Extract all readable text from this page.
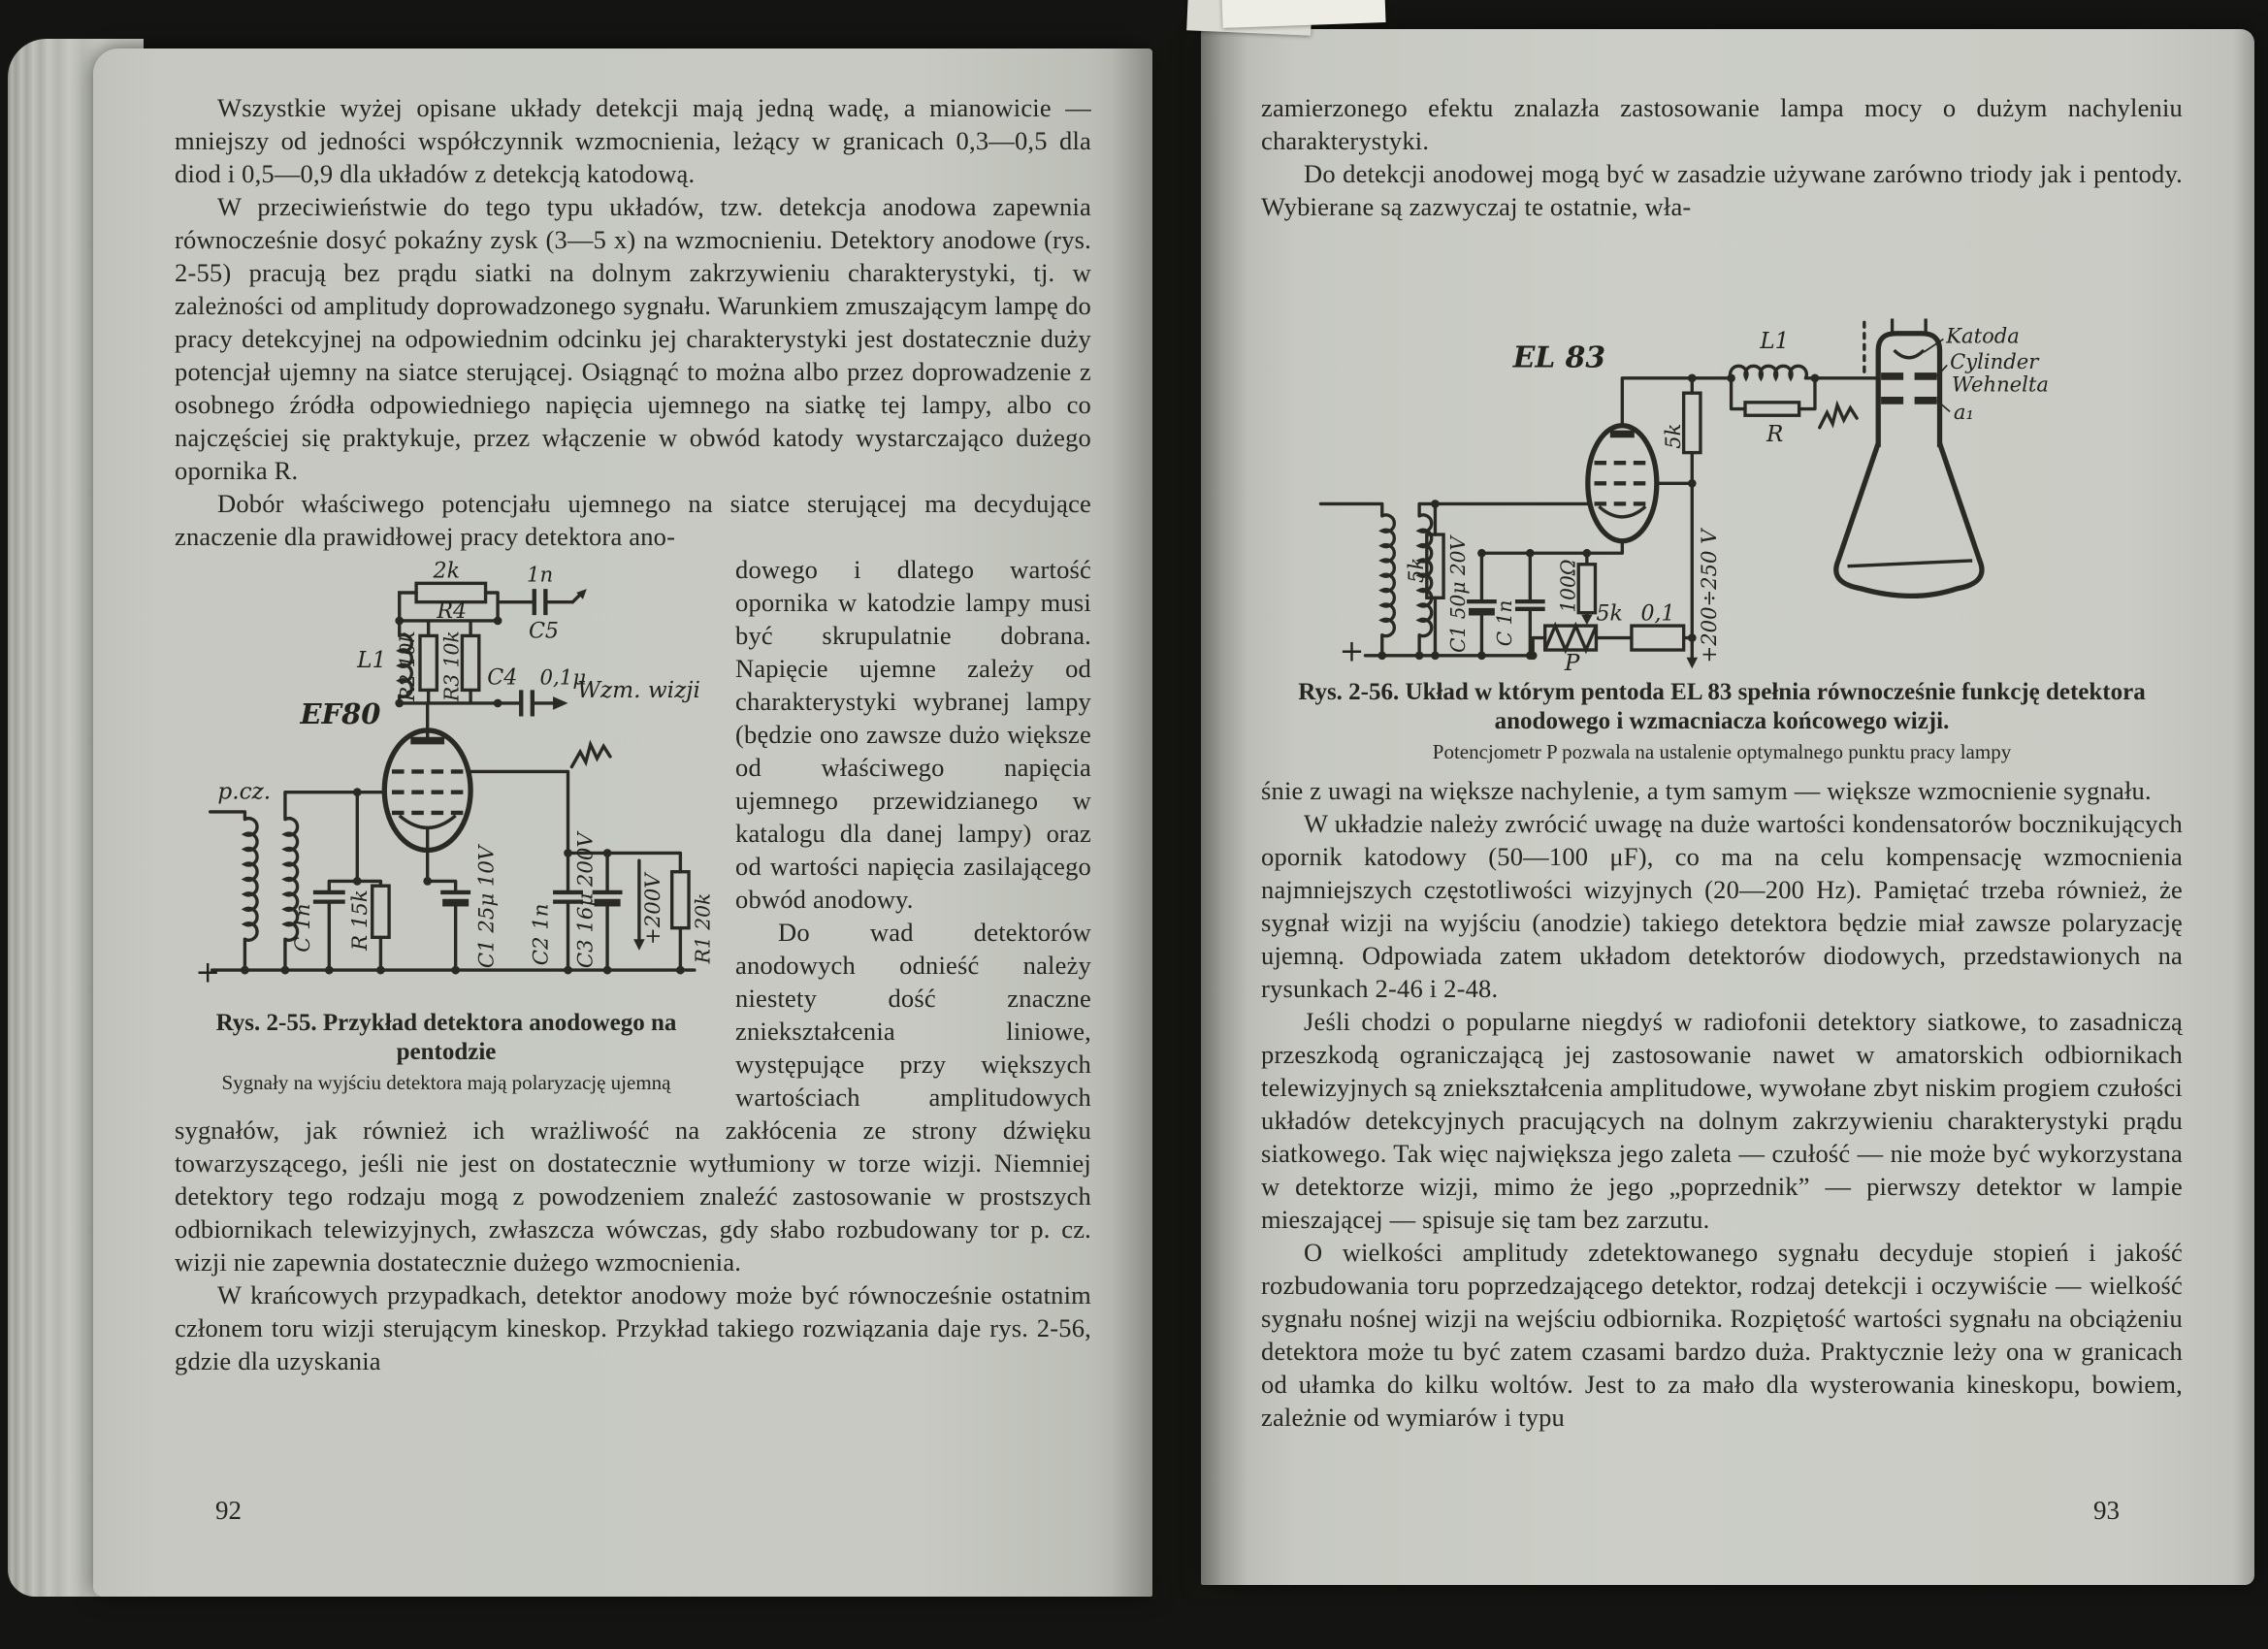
Wszystkie wyżej opisane układy detekcji mają jedną wadę, a mianowicie — mniejszy od jedności współczynnik wzmocnienia, leżący w granicach 0,3—0,5 dla diod i 0,5—0,9 dla układów z detekcją katodową.

W przeciwieństwie do tego typu układów, tzw. detekcja anodowa zapewnia równocześnie dosyć pokaźny zysk (3—5 x) na wzmocnieniu. Detektory anodowe (rys. 2-55) pracują bez prądu siatki na dolnym zakrzywieniu charakterystyki, tj. w zależności od amplitudy doprowadzonego sygnału. Warunkiem zmuszającym lampę do pracy detekcyjnej na odpowiednim odcinku jej charakterystyki jest dostatecznie duży potencjał ujemny na siatce sterującej. Osiągnąć to można albo przez doprowadzenie z osobnego źródła odpowiedniego napięcia ujemnego na siatkę tej lampy, albo co najczęściej się praktykuje, przez włączenie w obwód katody wystarczająco dużego opornika R.

Dobór właściwego potencjału ujemnego na siatce sterującej ma decydujące znaczenie dla prawidłowej pracy detektora ano-

p.cz.
+
C 1n R 15k	C1 25μ 10V
EF80
L1 R2 10k R3 10k
2k
R4
1n
C5
C4 0,1μ
Wzm. wizji
C2 1n C3 16μ 200V	R1 20k
+200V
Rys. 2-55. Przykład detektora anodowego na pentodzie
Sygnały na wyjściu detektora mają polaryzację ujemną

dowego i dlatego wartość opornika w katodzie lampy musi być skrupulatnie dobrana. Napięcie ujemne zależy od charakterystyki wybranej lampy (będzie ono zawsze dużo większe od właściwego napięcia ujemnego przewidzianego w katalogu dla danej lampy) oraz od wartości napięcia zasilającego obwód anodowy.

Do wad detektorów anodowych odnieść należy niestety dość znaczne zniekształcenia liniowe, występujące przy większych wartościach amplitudowych sygnałów, jak również ich wrażliwość na zakłócenia ze strony dźwięku towarzyszącego, jeśli nie jest on dostatecznie wytłumiony w torze wizji. Niemniej detektory tego rodzaju mogą z powodzeniem znaleźć zastosowanie w prostszych odbiornikach telewizyjnych, zwłaszcza wówczas, gdy słabo rozbudowany tor p. cz. wizji nie zapewnia dostatecznie dużego wzmocnienia.

W krańcowych przypadkach, detektor anodowy może być równocześnie ostatnim członem toru wizji sterującym kineskop. Przykład takiego rozwiązania daje rys. 2-56, gdzie dla uzyskania

92

zamierzonego efektu znalazła zastosowanie lampa mocy o dużym nachyleniu charakterystyki.

Do detekcji anodowej mogą być w zasadzie używane zarówno triody jak i pentody. Wybierane są zazwyczaj te ostatnie, wła-

EL 83
5k C1 50μ 20V C 1n
100Ω
5k
P
0,1
5k
L1
R
+200÷250 V
+
Katoda
Cylinder
Wehnelta
a₁
Rys. 2-56. Układ w którym pentoda EL 83 spełnia równocześnie funkcję detektora anodowego i wzmacniacza końcowego wizji.
Potencjometr P pozwala na ustalenie optymalnego punktu pracy lampy

śnie z uwagi na większe nachylenie, a tym samym — większe wzmocnienie sygnału.

W układzie należy zwrócić uwagę na duże wartości kondensatorów bocznikujących opornik katodowy (50—100 μF), co ma na celu kompensację wzmocnienia najmniejszych częstotliwości wizyjnych (20—200 Hz). Pamiętać trzeba również, że sygnał wizji na wyjściu (anodzie) takiego detektora będzie miał zawsze polaryzację ujemną. Odpowiada zatem układom detektorów diodowych, przedstawionych na rysunkach 2-46 i 2-48.

Jeśli chodzi o popularne niegdyś w radiofonii detektory siatkowe, to zasadniczą przeszkodą ograniczającą jej zastosowanie nawet w amatorskich odbiornikach telewizyjnych są zniekształcenia amplitudowe, wywołane zbyt niskim progiem czułości układów detekcyjnych pracujących na dolnym zakrzywieniu charakterystyki prądu siatkowego. Tak więc największa jego zaleta — czułość — nie może być wykorzystana w detektorze wizji, mimo że jego „poprzednik” — pierwszy detektor w lampie mieszającej — spisuje się tam bez zarzutu.

O wielkości amplitudy zdetektowanego sygnału decyduje stopień i jakość rozbudowania toru poprzedzającego detektor, rodzaj detekcji i oczywiście — wielkość sygnału nośnej wizji na wejściu odbiornika. Rozpiętość wartości sygnału na obciążeniu detektora może tu być zatem czasami bardzo duża. Praktycznie leży ona w granicach od ułamka do kilku woltów. Jest to za mało dla wysterowania kineskopu, bowiem, zależnie od wymiarów i typu

93
